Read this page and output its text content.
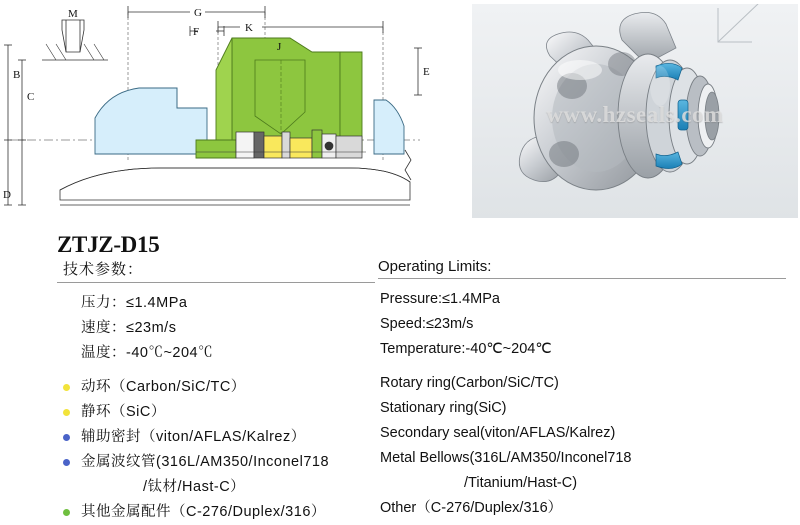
M	G
F	K
J
E
B
C
D
www.hzseals.com
ZTJZ-D15
技术参数：
压力：≤1.4MPa
速度：≤23m/s
温度：-40℃~204℃
动环（Carbon/SiC/TC）
静环（SiC）
辅助密封（viton/AFLAS/Kalrez）
金属波纹管(316L/AM350/Inconel718
/钛材/Hast-C）
其他金属配件（C-276/Duplex/316）
Operating Limits:
Pressure:≤1.4MPa
Speed:≤23m/s
Temperature:-40℃~204℃
Rotary ring(Carbon/SiC/TC)
Stationary ring(SiC)
Secondary seal(viton/AFLAS/Kalrez)
Metal Bellows(316L/AM350/Inconel718
/Titanium/Hast-C)
Other（C-276/Duplex/316）
